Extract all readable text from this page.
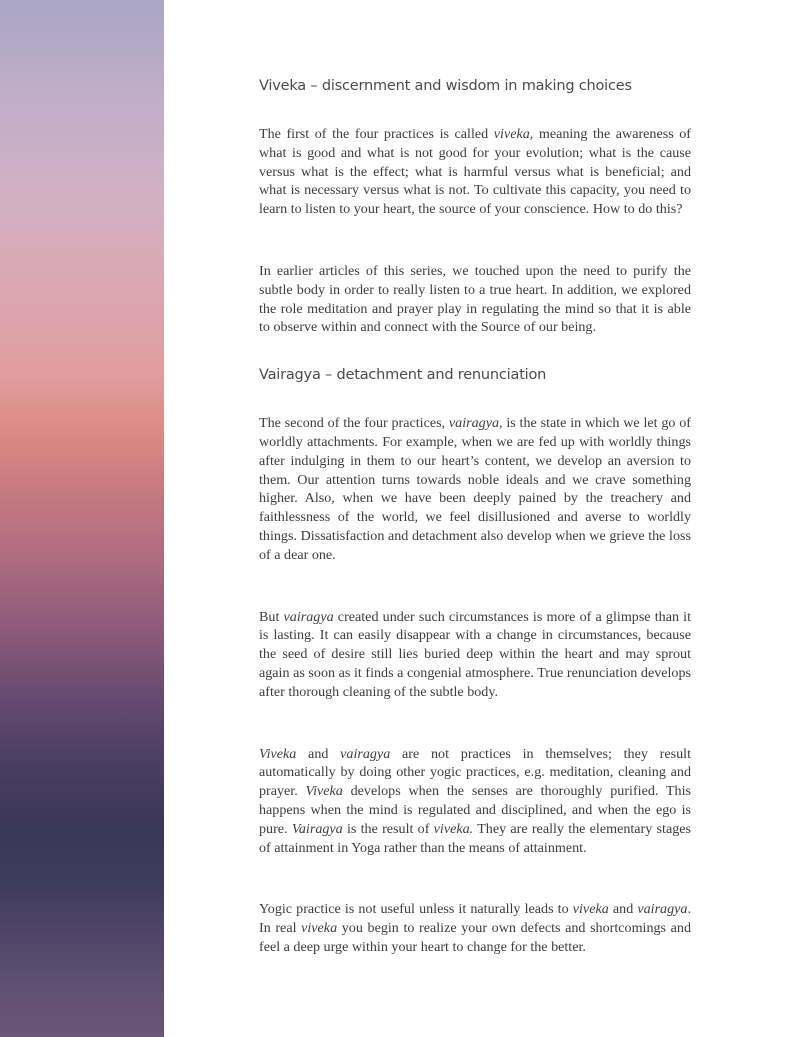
Viveka – discernment and wisdom in making choices

The first of the four practices is called viveka, meaning the awareness of what is good and what is not good for your evolution; what is the cause versus what is the effect; what is harmful versus what is beneficial; and what is necessary versus what is not. To cultivate this capacity, you need to learn to listen to your heart, the source of your conscience. How to do this?

In earlier articles of this series, we touched upon the need to purify the subtle body in order to really listen to a true heart. In addition, we explored the role meditation and prayer play in regulating the mind so that it is able to observe within and connect with the Source of our being.

Vairagya – detachment and renunciation

The second of the four practices, vairagya, is the state in which we let go of worldly attachments. For example, when we are fed up with worldly things after indulging in them to our heart’s content, we develop an aversion to them. Our attention turns towards noble ideals and we crave something higher. Also, when we have been deeply pained by the treachery and faithlessness of the world, we feel disillusioned and averse to worldly things. Dissatisfaction and detachment also develop when we grieve the loss of a dear one.

But vairagya created under such circumstances is more of a glimpse than it is lasting. It can easily disappear with a change in circumstances, because the seed of desire still lies buried deep within the heart and may sprout again as soon as it finds a congenial atmosphere. True renunciation develops after thorough cleaning of the subtle body.

Viveka and vairagya are not practices in themselves; they result automatically by doing other yogic practices, e.g. meditation, cleaning and prayer. Viveka develops when the senses are thoroughly purified. This happens when the mind is regulated and disciplined, and when the ego is pure. Vairagya is the result of viveka. They are really the elementary stages of attainment in Yoga rather than the means of attainment.

Yogic practice is not useful unless it naturally leads to viveka and vairagya. In real viveka you begin to realize your own defects and shortcomings and feel a deep urge within your heart to change for the better.
